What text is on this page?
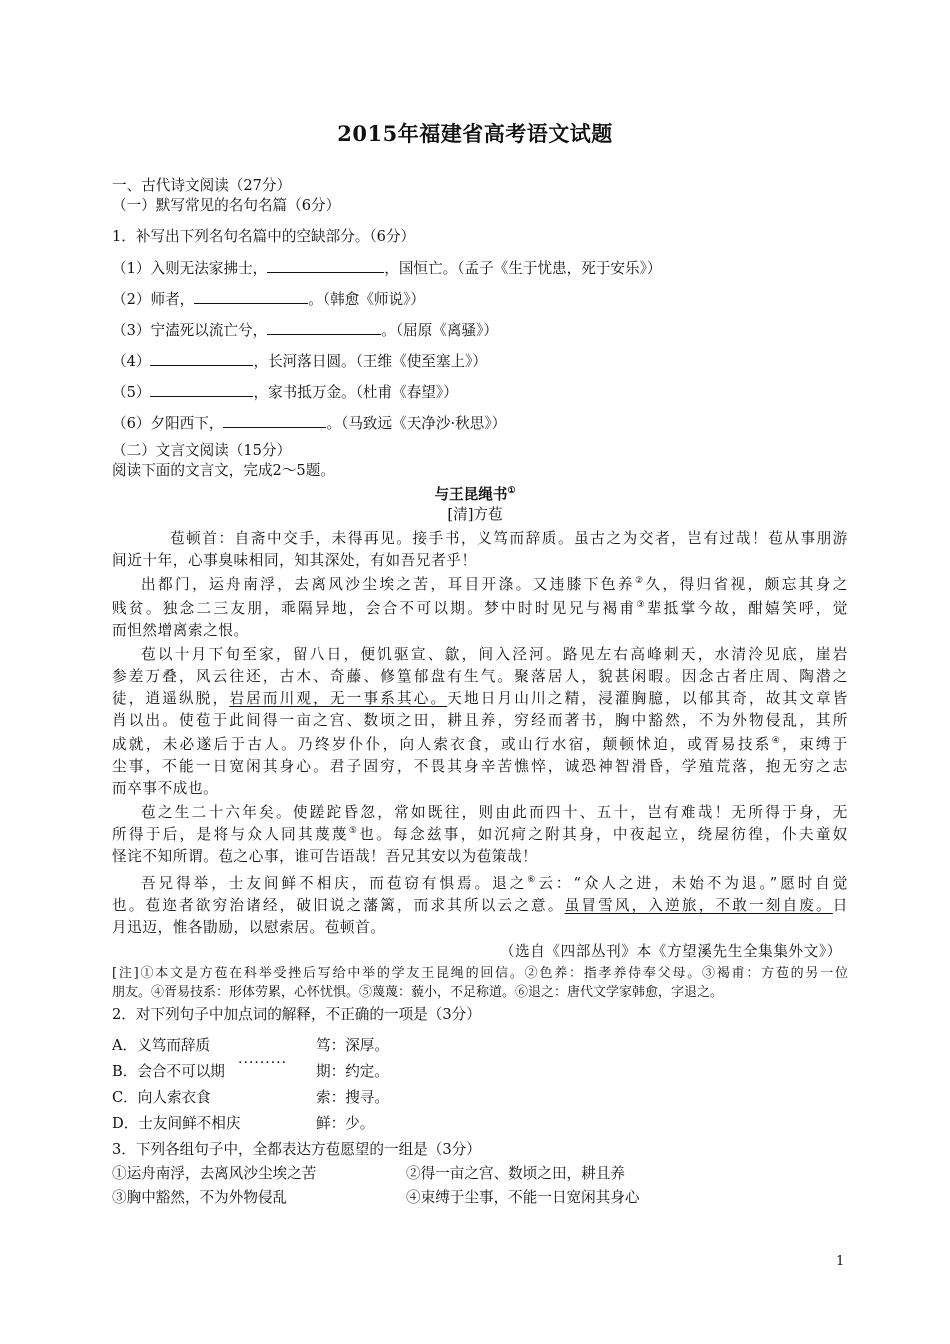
2015年福建省高考语文试题
一、古代诗文阅读（27分）
（一）默写常见的名句名篇（6分）
1．补写出下列名句名篇中的空缺部分。（6分）
（1）入则无法家拂士，	，国恒亡。（孟子《生于忧患，死于安乐》）
（2）师者，	。（韩愈《师说》）
（3）宁溘死以流亡兮，	。（屈原《离骚》）
（4）	，长河落日圆。（王维《使至塞上》）
（5）	，家书抵万金。（杜甫《春望》）
（6）夕阳西下，	。（马致远《天净沙·秋思》）
（二）文言文阅读（15分）
阅读下面的文言文，完成2～5题。
与王昆绳书①
[清]方苞
苞顿首：自斋中交手，未得再见。接手书，义笃而辞质。虽古之为交者，岂有过哉！苞从事朋游
间近十年，心事臭味相同，知其深处，有如吾兄者乎！
出都门，运舟南浮，去离风沙尘埃之苦，耳目开涤。又违膝下色养②久，得归省视，颇忘其身之
贱贫。独念二三友朋，乖隔异地，会合不可以期。梦中时时见兄与褐甫③辈抵掌今故，酣嬉笑呼，觉
而怛然增离索之恨。
苞以十月下旬至家，留八日，便饥驱宣、歙，间入泾河。路见左右高峰刺天，水清泠见底，崖岩
参差万叠，风云往还，古木、奇藤、修篁郁盘有生气。聚落居人，貌甚闲暇。因念古者庄周、陶潜之
徒，逍遥纵脱，岩居而川观，无一事系其心。天地日月山川之精，浸灌胸臆，以郁其奇，故其文章皆
肖以出。使苞于此间得一亩之宫、数顷之田，耕且养，穷经而著书，胸中豁然，不为外物侵乱，其所
成就，未必遂后于古人。乃终岁仆仆，向人索衣食，或山行水宿，颠顿怵迫，或胥易技系④，束缚于
尘事，不能一日宽闲其身心。君子固穷，不畏其身辛苦憔悴，诚恐神智滑昏，学殖荒落，抱无穷之志
而卒事不成也。
苞之生二十六年矣。使蹉跎昏忽，常如既往，则由此而四十、五十，岂有难哉！无所得于身，无
所得于后，是将与众人同其蔑蔑⑤也。每念兹事，如沉疴之附其身，中夜起立，绕屋彷徨，仆夫童奴
怪诧不知所谓。苞之心事，谁可告语哉！吾兄其安以为苞策哉！
吾兄得举，士友间鲜不相庆，而苞窃有惧焉。退之⑥云：“众人之进，未始不为退。”愿时自觉
也。苞迩者欲穷治诸经，破旧说之藩篱，而求其所以云之意。虽冒雪风，入逆旅，不敢一刻自废。日
月迅迈，惟各勖励，以慰索居。苞顿首。
（选自《四部丛刊》本《方望溪先生全集集外文》）
[注]①本文是方苞在科举受挫后写给中举的学友王昆绳的回信。②色养：指孝养侍奉父母。③褐甫：方苞的另一位
朋友。④胥易技系：形体劳累，心怀忧惧。⑤蔑蔑：藐小，不足称道。⑥退之：唐代文学家韩愈，字退之。
2．对下列句子中加点词的解释，不正确的一项是（3分）
A．义笃而辞质	笃：深厚。
·········
B．会合不可以期	期：约定。
C．向人索衣食	索：搜寻。
D．士友间鲜不相庆	鲜：少。
3．下列各组句子中，全都表达方苞愿望的一组是（3分）
①运舟南浮，去离风沙尘埃之苦	②得一亩之宫、数顷之田，耕且养
③胸中豁然，不为外物侵乱	④束缚于尘事，不能一日宽闲其身心
1
